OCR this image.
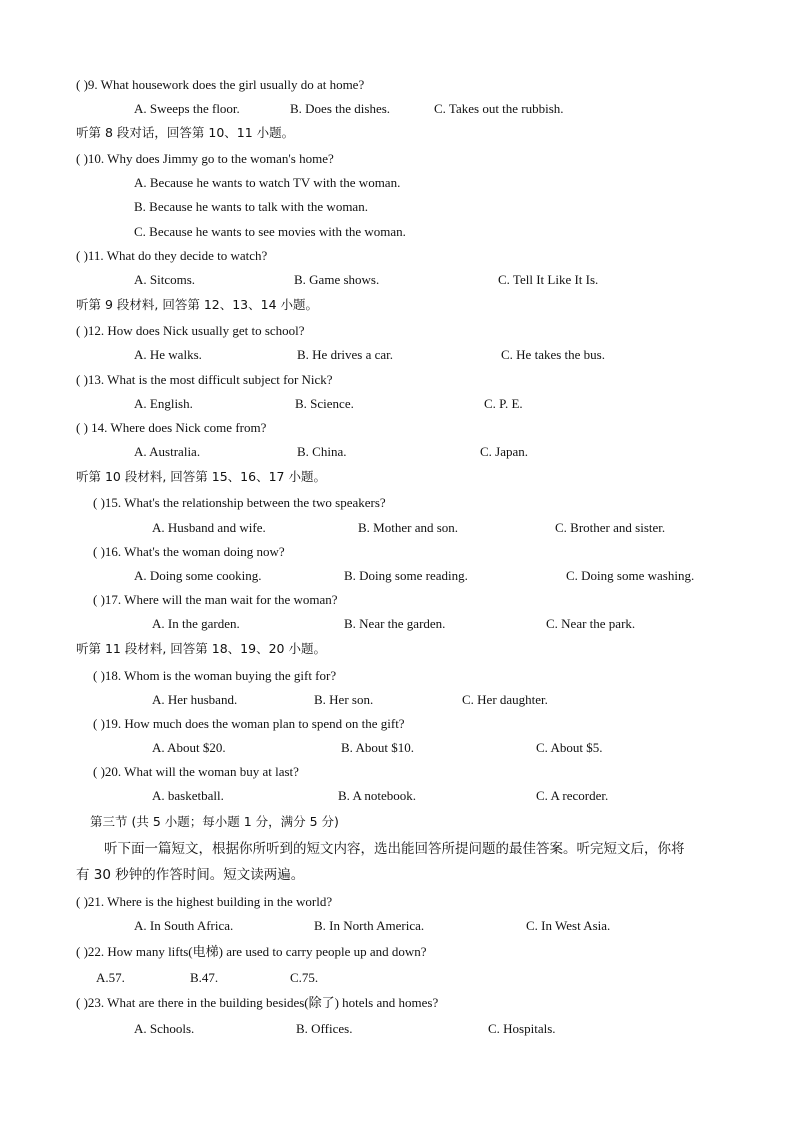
( )9. What housework does the girl usually do at home?
A. Sweeps the floor.	B. Does the dishes.	C. Takes out the rubbish.
听第 8 段对话，回答第 10、11 小题。
( )10. Why does Jimmy go to the woman's home?
A. Because he wants to watch TV with the woman.
B. Because he wants to talk with the woman.
C. Because he wants to see movies with the woman.
( )11. What do they decide to watch?
A. Sitcoms.	B. Game shows.	C. Tell It Like It Is.
听第 9 段材料, 回答第 12、13、14 小题。
( )12. How does Nick usually get to school?
A. He walks.	B. He drives a car.	C. He takes the bus.
( )13. What is the most difficult subject for Nick?
A. English.	B. Science.	C. P. E.
( ) 14. Where does Nick come from?
A. Australia.	B. China.	C. Japan.
听第 10 段材料, 回答第 15、16、17 小题。
( )15. What's the relationship between the two speakers?
A. Husband and wife.	B. Mother and son.	C. Brother and sister.
( )16. What's the woman doing now?
A. Doing some cooking.	B. Doing some reading.	C. Doing some washing.
( )17. Where will the man wait for the woman?
A. In the garden.	B. Near the garden.	C. Near the park.
听第 11 段材料, 回答第 18、19、20 小题。
( )18. Whom is the woman buying the gift for?
A. Her husband.	B. Her son.	C. Her daughter.
( )19. How much does the woman plan to spend on the gift?
A. About $20.	B. About $10.	C. About $5.
( )20. What will the woman buy at last?
A. basketball.	B. A notebook.	C. A recorder.
第三节 (共 5 小题；每小题 1 分，满分 5 分)
听下面一篇短文，根据你所听到的短文内容，选出能回答所提问题的最佳答案。听完短文后，你将
有 30 秒钟的作答时间。短文读两遍。
( )21. Where is the highest building in the world?
A. In South Africa.	B. In North America.	C. In West Asia.
( )22. How many lifts(电梯) are used to carry people up and down?
A.57.	B.47.	C.75.
( )23. What are there in the building besides(除了) hotels and homes?
A. Schools.	B. Offices.	C. Hospitals.
